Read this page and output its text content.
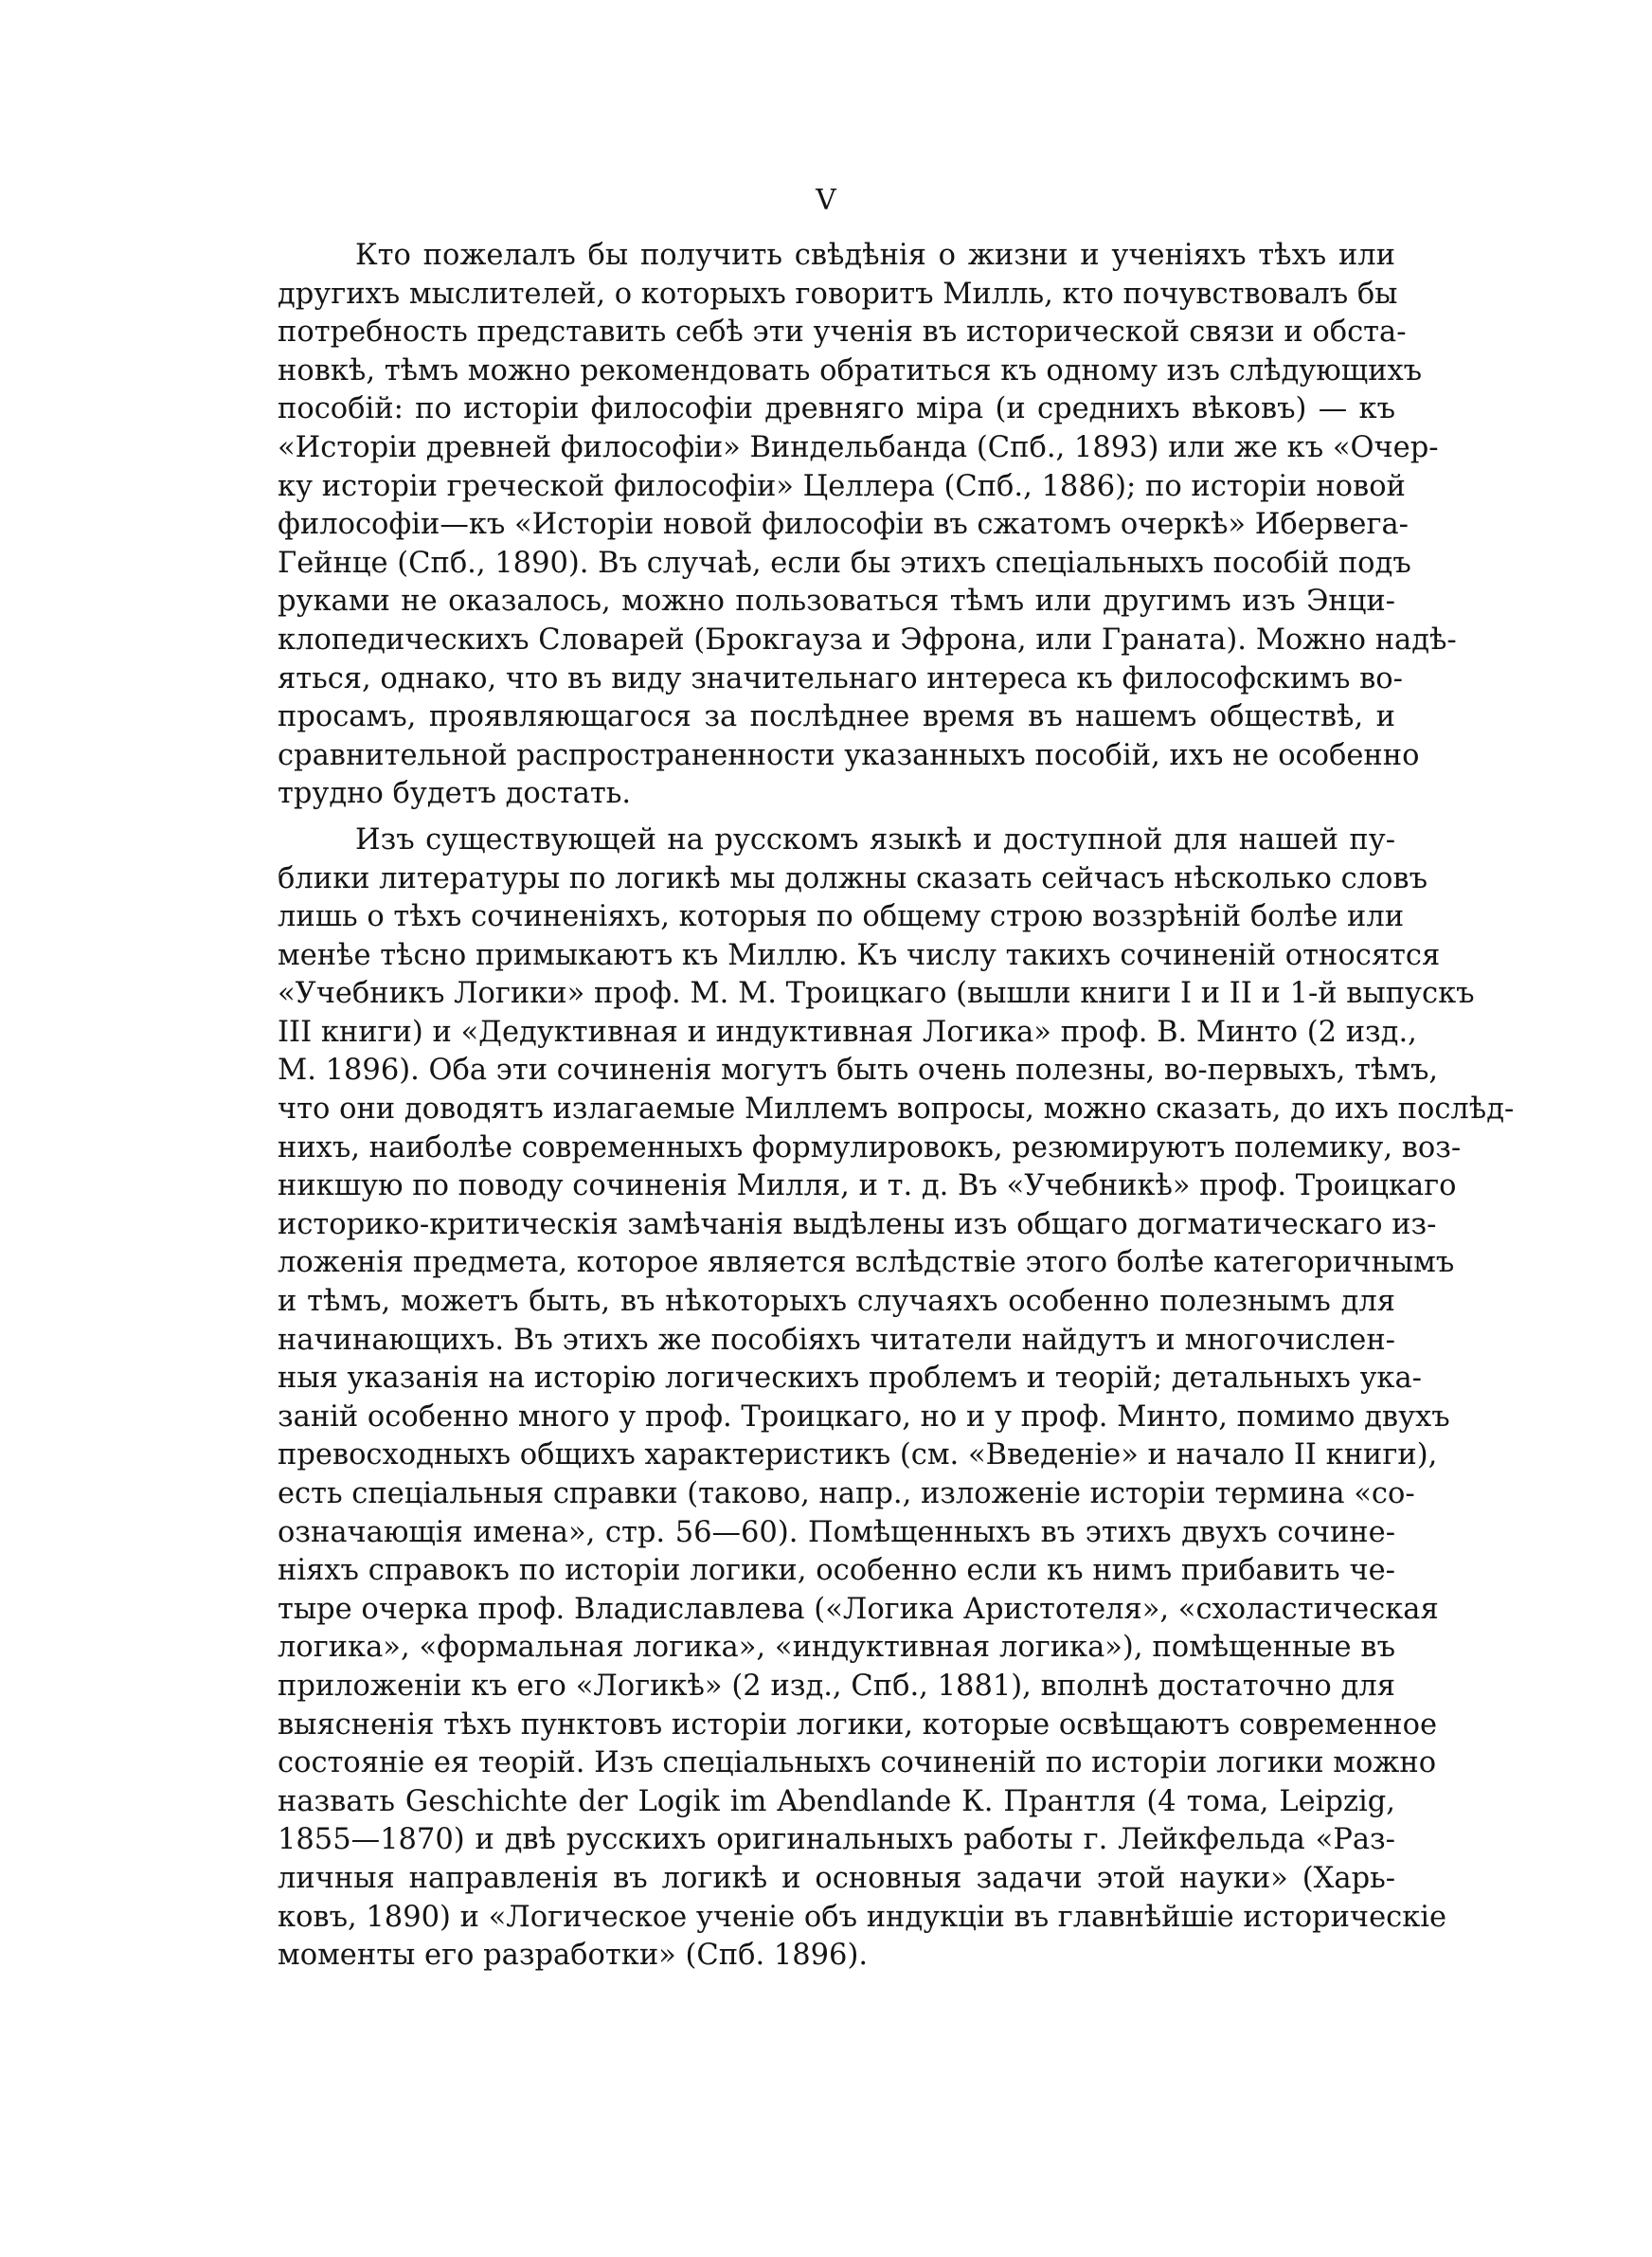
V

Кто пожелалъ бы получить свѣдѣнія о жизни и ученіяхъ тѣхъ или
другихъ мыслителей, о которыхъ говоритъ Милль, кто почувствовалъ бы
потребность представить себѣ эти ученія въ исторической связи и обста-
новкѣ, тѣмъ можно рекомендовать обратиться къ одному изъ слѣдующихъ
пособій: по исторіи философіи древняго міра (и среднихъ вѣковъ) — къ
«Исторіи древней философіи» Виндельбанда (Спб., 1893) или же къ «Очер-
ку исторіи греческой философіи» Целлера (Спб., 1886); по исторіи новой
философіи—къ «Исторіи новой философіи въ сжатомъ очеркѣ» Ибервега-
Гейнце (Спб., 1890). Въ случаѣ, если бы этихъ спеціальныхъ пособій подъ
руками не оказалось, можно пользоваться тѣмъ или другимъ изъ Энци-
клопедическихъ Словарей (Брокгауза и Эфрона, или Граната). Можно надѣ-
яться, однако, что въ виду значительнаго интереса къ философскимъ во-
просамъ, проявляющагося за послѣднее время въ нашемъ обществѣ, и
сравнительной распространенности указанныхъ пособій, ихъ не особенно
трудно будетъ достать.

Изъ существующей на русскомъ языкѣ и доступной для нашей пу-
блики литературы по логикѣ мы должны сказать сейчасъ нѣсколько словъ
лишь о тѣхъ сочиненіяхъ, которыя по общему строю воззрѣній болѣе или
менѣе тѣсно примыкаютъ къ Миллю. Къ числу такихъ сочиненій относятся
«Учебникъ Логики» проф. М. М. Троицкаго (вышли книги I и II и 1-й выпускъ
III книги) и «Дедуктивная и индуктивная Логика» проф. В. Минто (2 изд.,
М. 1896). Оба эти сочиненія могутъ быть очень полезны, во-первыхъ, тѣмъ,
что они доводятъ излагаемые Миллемъ вопросы, можно сказать, до ихъ послѣд-
нихъ, наиболѣе современныхъ формулировокъ, резюмируютъ полемику, воз-
никшую по поводу сочиненія Милля, и т. д. Въ «Учебникѣ» проф. Троицкаго
историко-критическія замѣчанія выдѣлены изъ общаго догматическаго из-
ложенія предмета, которое является вслѣдствіе этого болѣе категоричнымъ
и тѣмъ, можетъ быть, въ нѣкоторыхъ случаяхъ особенно полезнымъ для
начинающихъ. Въ этихъ же пособіяхъ читатели найдутъ и многочислен-
ныя указанія на исторію логическихъ проблемъ и теорій; детальныхъ ука-
заній особенно много у проф. Троицкаго, но и у проф. Минто, помимо двухъ
превосходныхъ общихъ характеристикъ (см. «Введеніе» и начало II книги),
есть спеціальныя справки (таково, напр., изложеніе исторіи термина «со-
означающія имена», стр. 56—60). Помѣщенныхъ въ этихъ двухъ сочине-
ніяхъ справокъ по исторіи логики, особенно если къ нимъ прибавить че-
тыре очерка проф. Владиславлева («Логика Аристотеля», «схоластическая
логика», «формальная логика», «индуктивная логика»), помѣщенные въ
приложеніи къ его «Логикѣ» (2 изд., Спб., 1881), вполнѣ достаточно для
выясненія тѣхъ пунктовъ исторіи логики, которые освѣщаютъ современное
состояніе ея теорій. Изъ спеціальныхъ сочиненій по исторіи логики можно
назвать Geschichte der Logik im Abendlande К. Прантля (4 тома, Leipzig,
1855—1870) и двѣ русскихъ оригинальныхъ работы г. Лейкфельда «Раз-
личныя направленія въ логикѣ и основныя задачи этой науки» (Харь-
ковъ, 1890) и «Логическое ученіе объ индукціи въ главнѣйшіе историческіе
моменты его разработки» (Спб. 1896).
